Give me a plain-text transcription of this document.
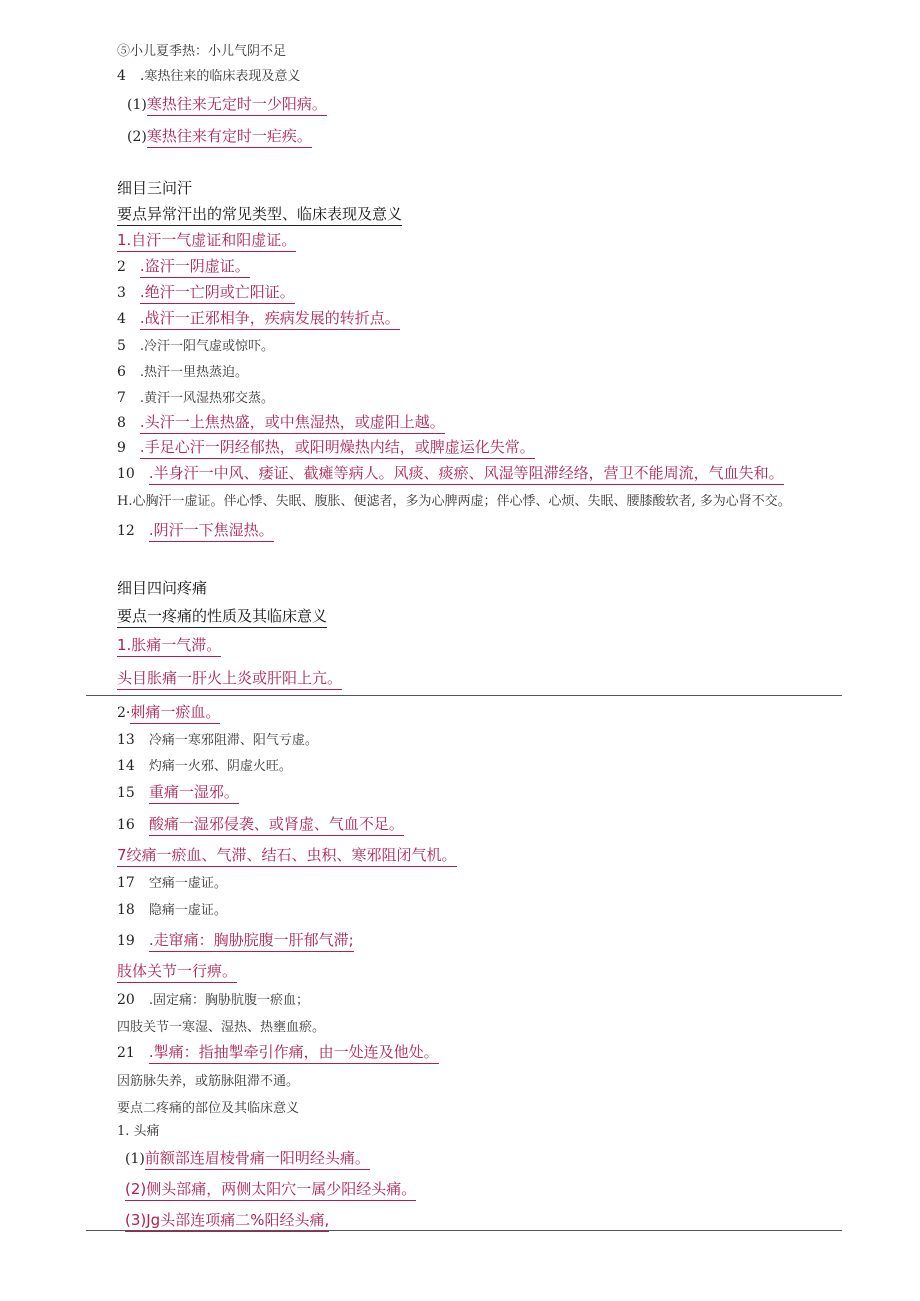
⑤小儿夏季热：小儿气阴不足
4　.寒热往来的临床表现及意义
(1)寒热往来无定时一少阳病。
(2)寒热往来有定时一疟疾。
细目三问汗
要点异常汗出的常见类型、临床表现及意义
1.自汗一气虚证和阳虚证。
2　.盗汗一阴虚证。
3　.绝汗一亡阴或亡阳证。
4　.战汗一正邪相争，疾病发展的转折点。
5　.冷汗一阳气虚或惊吓。
6　.热汗一里热蒸迫。
7　.黄汗一风湿热邪交蒸。
8　.头汗一上焦热盛，或中焦湿热，或虚阳上越。
9　.手足心汗一阴经郁热，或阳明燥热内结，或脾虚运化失常。
10　.半身汗一中风、痿证、截瘫等病人。风痰、痰瘀、风湿等阻滞经络，营卫不能周流，气血失和。
H.心胸汗一虚证。伴心悸、失眠、腹胀、便滤者，多为心脾两虚；伴心悸、心烦、失眠、腰膝酸软者, 多为心肾不交。
12　.阴汗一下焦湿热。
细目四问疼痛
要点一疼痛的性质及其临床意义
1.胀痛一气滞。
头目胀痛一肝火上炎或肝阳上亢。
2·刺痛一瘀血。
13　冷痛一寒邪阻滞、阳气亏虚。
14　灼痛一火邪、阴虚火旺。
15　重痛一湿邪。
16　酸痛一湿邪侵袭、或肾虚、气血不足。
7绞痛一瘀血、气滞、结石、虫积、寒邪阻闭气机。
17　空痛一虚证。
18　隐痛一虚证。
19　.走窜痛：胸胁脘腹一肝郁气滞;
肢体关节一行痹。
20　.固定痛：胸胁肮腹一瘀血；
四肢关节一寒湿、湿热、热壅血瘀。
21　.掣痛：指抽掣牵引作痛，由一处连及他处。
因筋脉失养，或筋脉阻滞不通。
要点二疼痛的部位及其临床意义
1. 头痛
(1)前额部连眉棱骨痛一阳明经头痛。
(2)侧头部痛，两侧太阳穴一属少阳经头痛。
(3)Jg头部连项痛二%阳经头痛,
